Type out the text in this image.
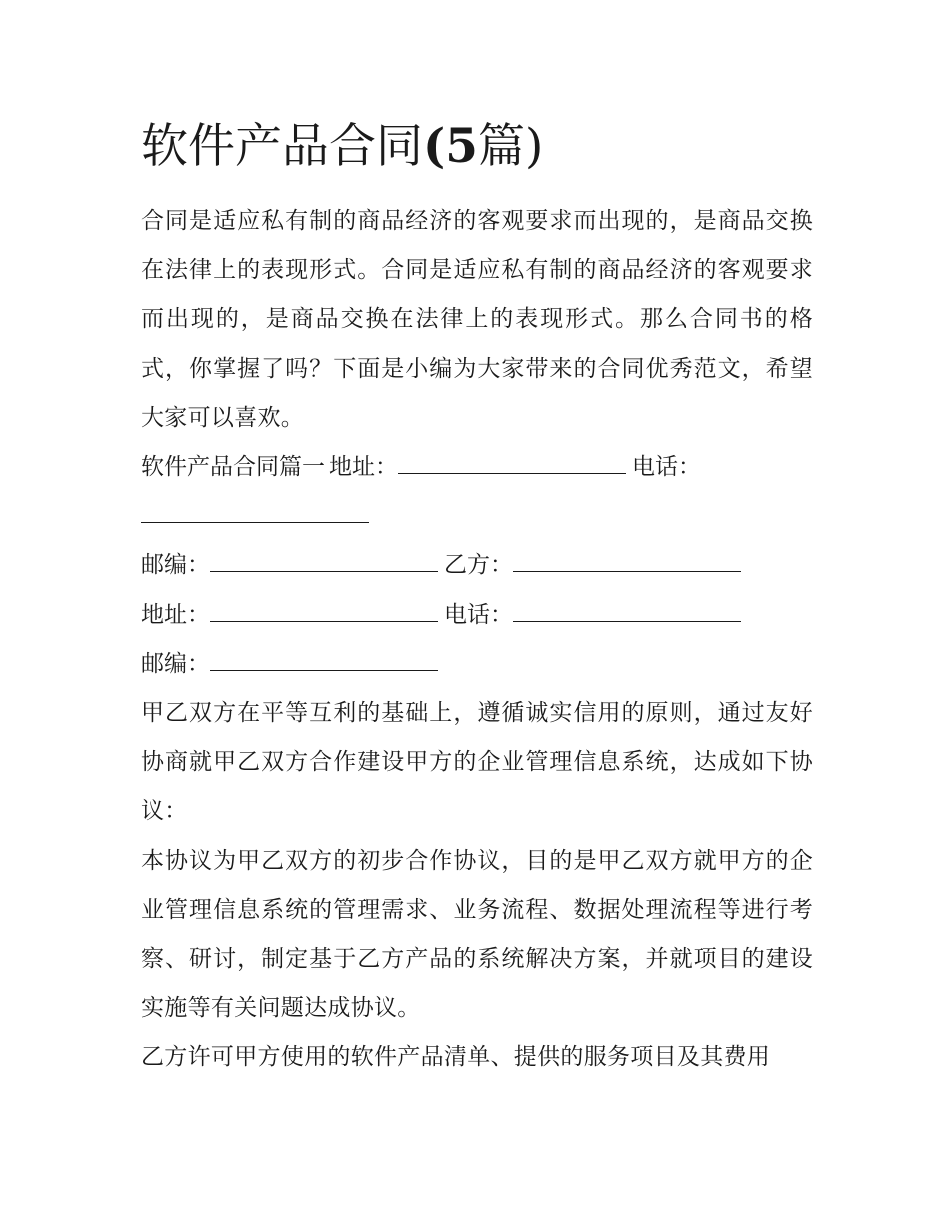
软件产品合同(5篇)

合同是适应私有制的商品经济的客观要求而出现的，是商品交换在法律上的表现形式。合同是适应私有制的商品经济的客观要求而出现的，是商品交换在法律上的表现形式。那么合同书的格式，你掌握了吗？下面是小编为大家带来的合同优秀范文，希望大家可以喜欢。

软件产品合同篇一 地址：	电话：

邮编：	乙方：

地址：	电话：

邮编：

甲乙双方在平等互利的基础上，遵循诚实信用的原则，通过友好协商就甲乙双方合作建设甲方的企业管理信息系统，达成如下协议：

本协议为甲乙双方的初步合作协议，目的是甲乙双方就甲方的企业管理信息系统的管理需求、业务流程、数据处理流程等进行考察、研讨，制定基于乙方产品的系统解决方案，并就项目的建设实施等有关问题达成协议。

乙方许可甲方使用的软件产品清单、提供的服务项目及其费用
